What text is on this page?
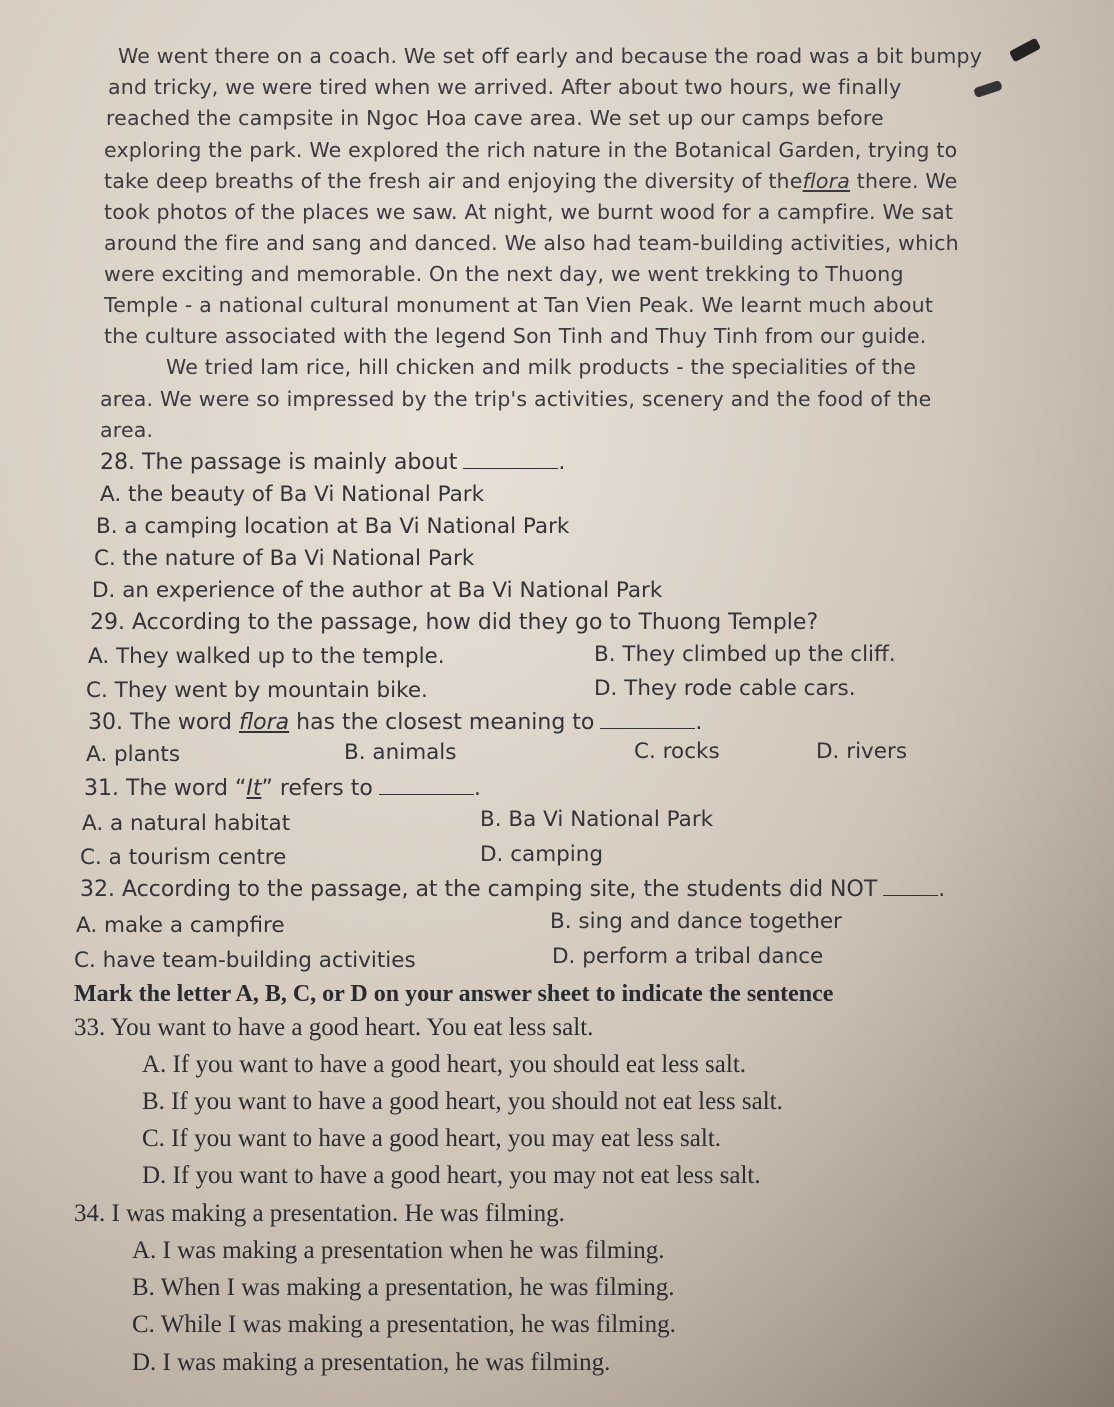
We went there on a coach. We set off early and because the road was a bit bumpy
and tricky, we were tired when we arrived. After about two hours, we finally
reached the campsite in Ngoc Hoa cave area. We set up our camps before
exploring the park. We explored the rich nature in the Botanical Garden, trying to
take deep breaths of the fresh air and enjoying the diversity of theflora there. We
took photos of the places we saw. At night, we burnt wood for a campfire. We sat
around the fire and sang and danced. We also had team-building activities, which
were exciting and memorable. On the next day, we went trekking to Thuong
Temple - a national cultural monument at Tan Vien Peak. We learnt much about
the culture associated with the legend Son Tinh and Thuy Tinh from our guide.
We tried lam rice, hill chicken and milk products - the specialities of the
area. We were so impressed by the trip's activities, scenery and the food of the
area.
28. The passage is mainly about	.
A. the beauty of Ba Vi National Park
B. a camping location at Ba Vi National Park
C. the nature of Ba Vi National Park
D. an experience of the author at Ba Vi National Park
29. According to the passage, how did they go to Thuong Temple?
A. They walked up to the temple.	B. They climbed up the cliff.
C. They went by mountain bike.	D. They rode cable cars.
30. The word flora has the closest meaning to	.
A. plants	B. animals	C. rocks	D. rivers
31. The word “It” refers to	.
A. a natural habitat	B. Ba Vi National Park
C. a tourism centre	D. camping
32. According to the passage, at the camping site, the students did NOT	.
A. make a campfire	B. sing and dance together
C. have team-building activities	D. perform a tribal dance
Mark the letter A, B, C, or D on your answer sheet to indicate the sentence
33. You want to have a good heart. You eat less salt.
A. If you want to have a good heart, you should eat less salt.
B. If you want to have a good heart, you should not eat less salt.
C. If you want to have a good heart, you may eat less salt.
D. If you want to have a good heart, you may not eat less salt.
34. I was making a presentation. He was filming.
A. I was making a presentation when he was filming.
B. When I was making a presentation, he was filming.
C. While I was making a presentation, he was filming.
D. I was making a presentation, he was filming.
